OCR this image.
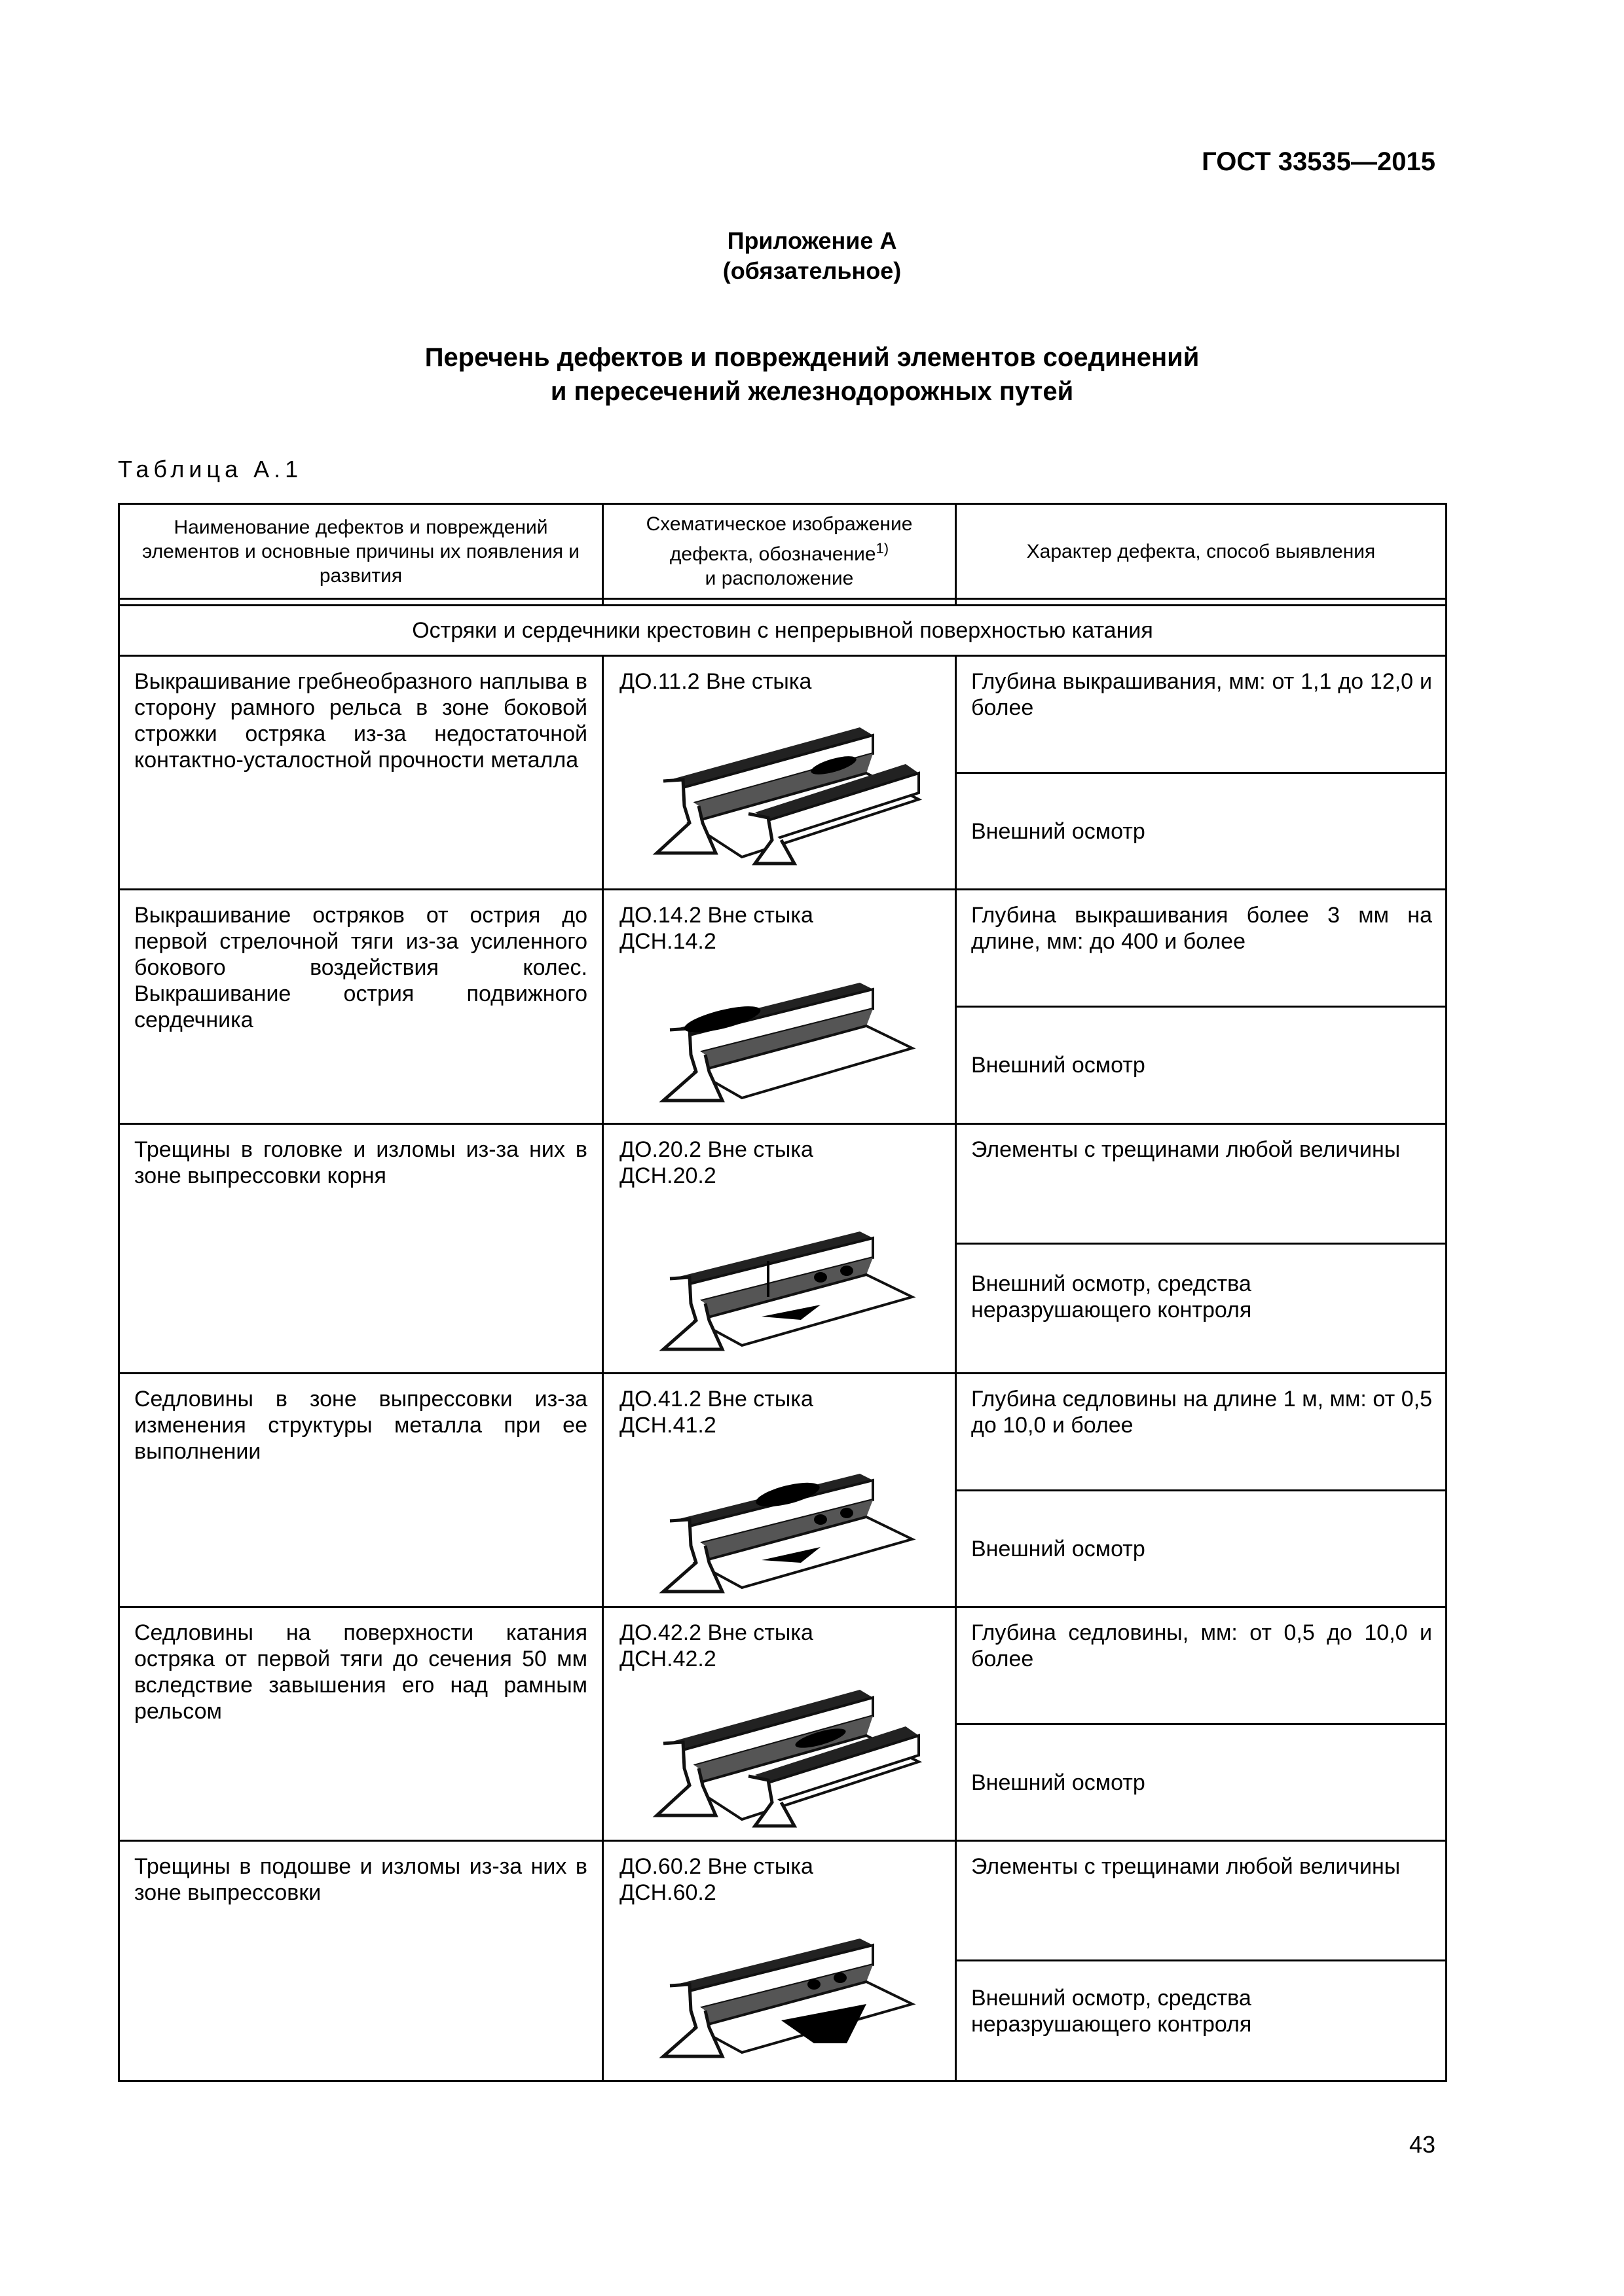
ГОСТ 33535—2015
Приложение А
(обязательное)
Перечень дефектов и повреждений элементов соединений
и пересечений железнодорожных путей
Таблица А.1
Наименование дефектов и повреждений элементов и основные причины их появления и развития
Схематическое изображение дефекта, обозначение$^{1)}$
и расположение
Характер дефекта, способ выявления
Остряки и сердечники крестовин с непрерывной поверхностью катания
Выкрашивание гребнеобразного наплыва в сторону рамного рельса в зоне боковой строжки остряка из-за недостаточной контактно-усталостной прочности металла
ДО.11.2 Вне стыка	Глубина выкрашивания, мм: от 1,1 до 12,0 и более
Внешний осмотр
Выкрашивание остряков от острия до первой стрелочной тяги из-за усиленного бокового воздействия колес. Выкрашивание острия подвижного сердечника
ДО.14.2 Вне стыка
ДСН.14.2
Глубина выкрашивания более 3 мм на длине, мм: до 400 и более
Внешний осмотр
Трещины в головке и изломы из-за них в зоне выпрессовки корня
ДО.20.2 Вне стыка
ДСН.20.2
Элементы с трещинами любой величины
Внешний осмотр, средства неразрушающего контроля
Седловины в зоне выпрессовки из-за изменения структуры металла при ее выполнении
ДО.41.2 Вне стыка
ДСН.41.2
Глубина седловины на длине 1 м, мм: от 0,5 до 10,0 и более
Внешний осмотр
Седловины на поверхности катания остряка от первой тяги до сечения 50 мм вследствие завышения его над рамным рельсом
ДО.42.2 Вне стыка
ДСН.42.2
Глубина седловины, мм: от 0,5 до 10,0 и более
Внешний осмотр
Трещины в подошве и изломы из-за них в зоне выпрессовки
ДО.60.2 Вне стыка
ДСН.60.2
Элементы с трещинами любой величины
Внешний осмотр, средства неразрушающего контроля
43
